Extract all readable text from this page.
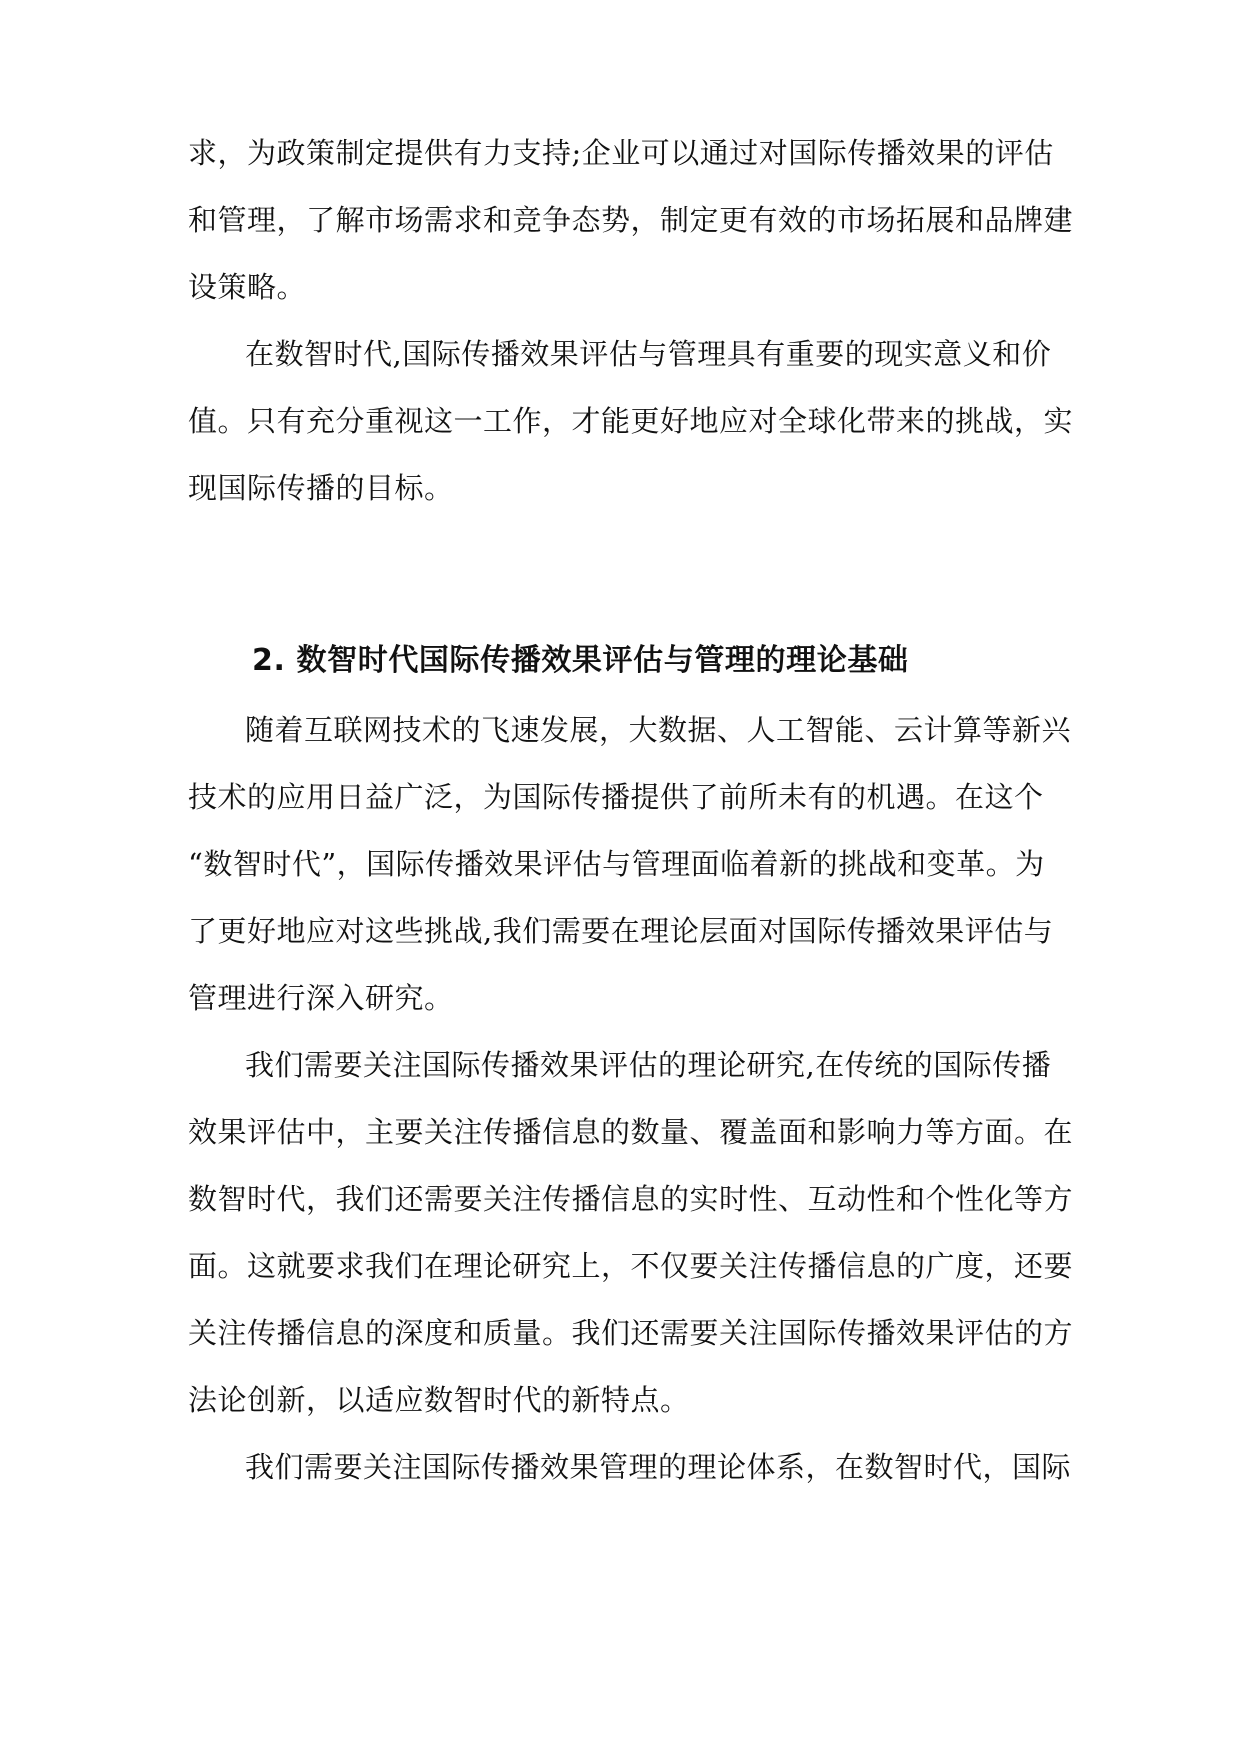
求，为政策制定提供有力支持;企业可以通过对国际传播效果的评估
和管理，了解市场需求和竞争态势，制定更有效的市场拓展和品牌建
设策略。
在数智时代,国际传播效果评估与管理具有重要的现实意义和价
值。只有充分重视这一工作，才能更好地应对全球化带来的挑战，实
现国际传播的目标。
2. 数智时代国际传播效果评估与管理的理论基础
随着互联网技术的飞速发展，大数据、人工智能、云计算等新兴
技术的应用日益广泛，为国际传播提供了前所未有的机遇。在这个
“数智时代”，国际传播效果评估与管理面临着新的挑战和变革。为
了更好地应对这些挑战,我们需要在理论层面对国际传播效果评估与
管理进行深入研究。
我们需要关注国际传播效果评估的理论研究,在传统的国际传播
效果评估中，主要关注传播信息的数量、覆盖面和影响力等方面。在
数智时代，我们还需要关注传播信息的实时性、互动性和个性化等方
面。这就要求我们在理论研究上，不仅要关注传播信息的广度，还要
关注传播信息的深度和质量。我们还需要关注国际传播效果评估的方
法论创新，以适应数智时代的新特点。
我们需要关注国际传播效果管理的理论体系，在数智时代，国际
